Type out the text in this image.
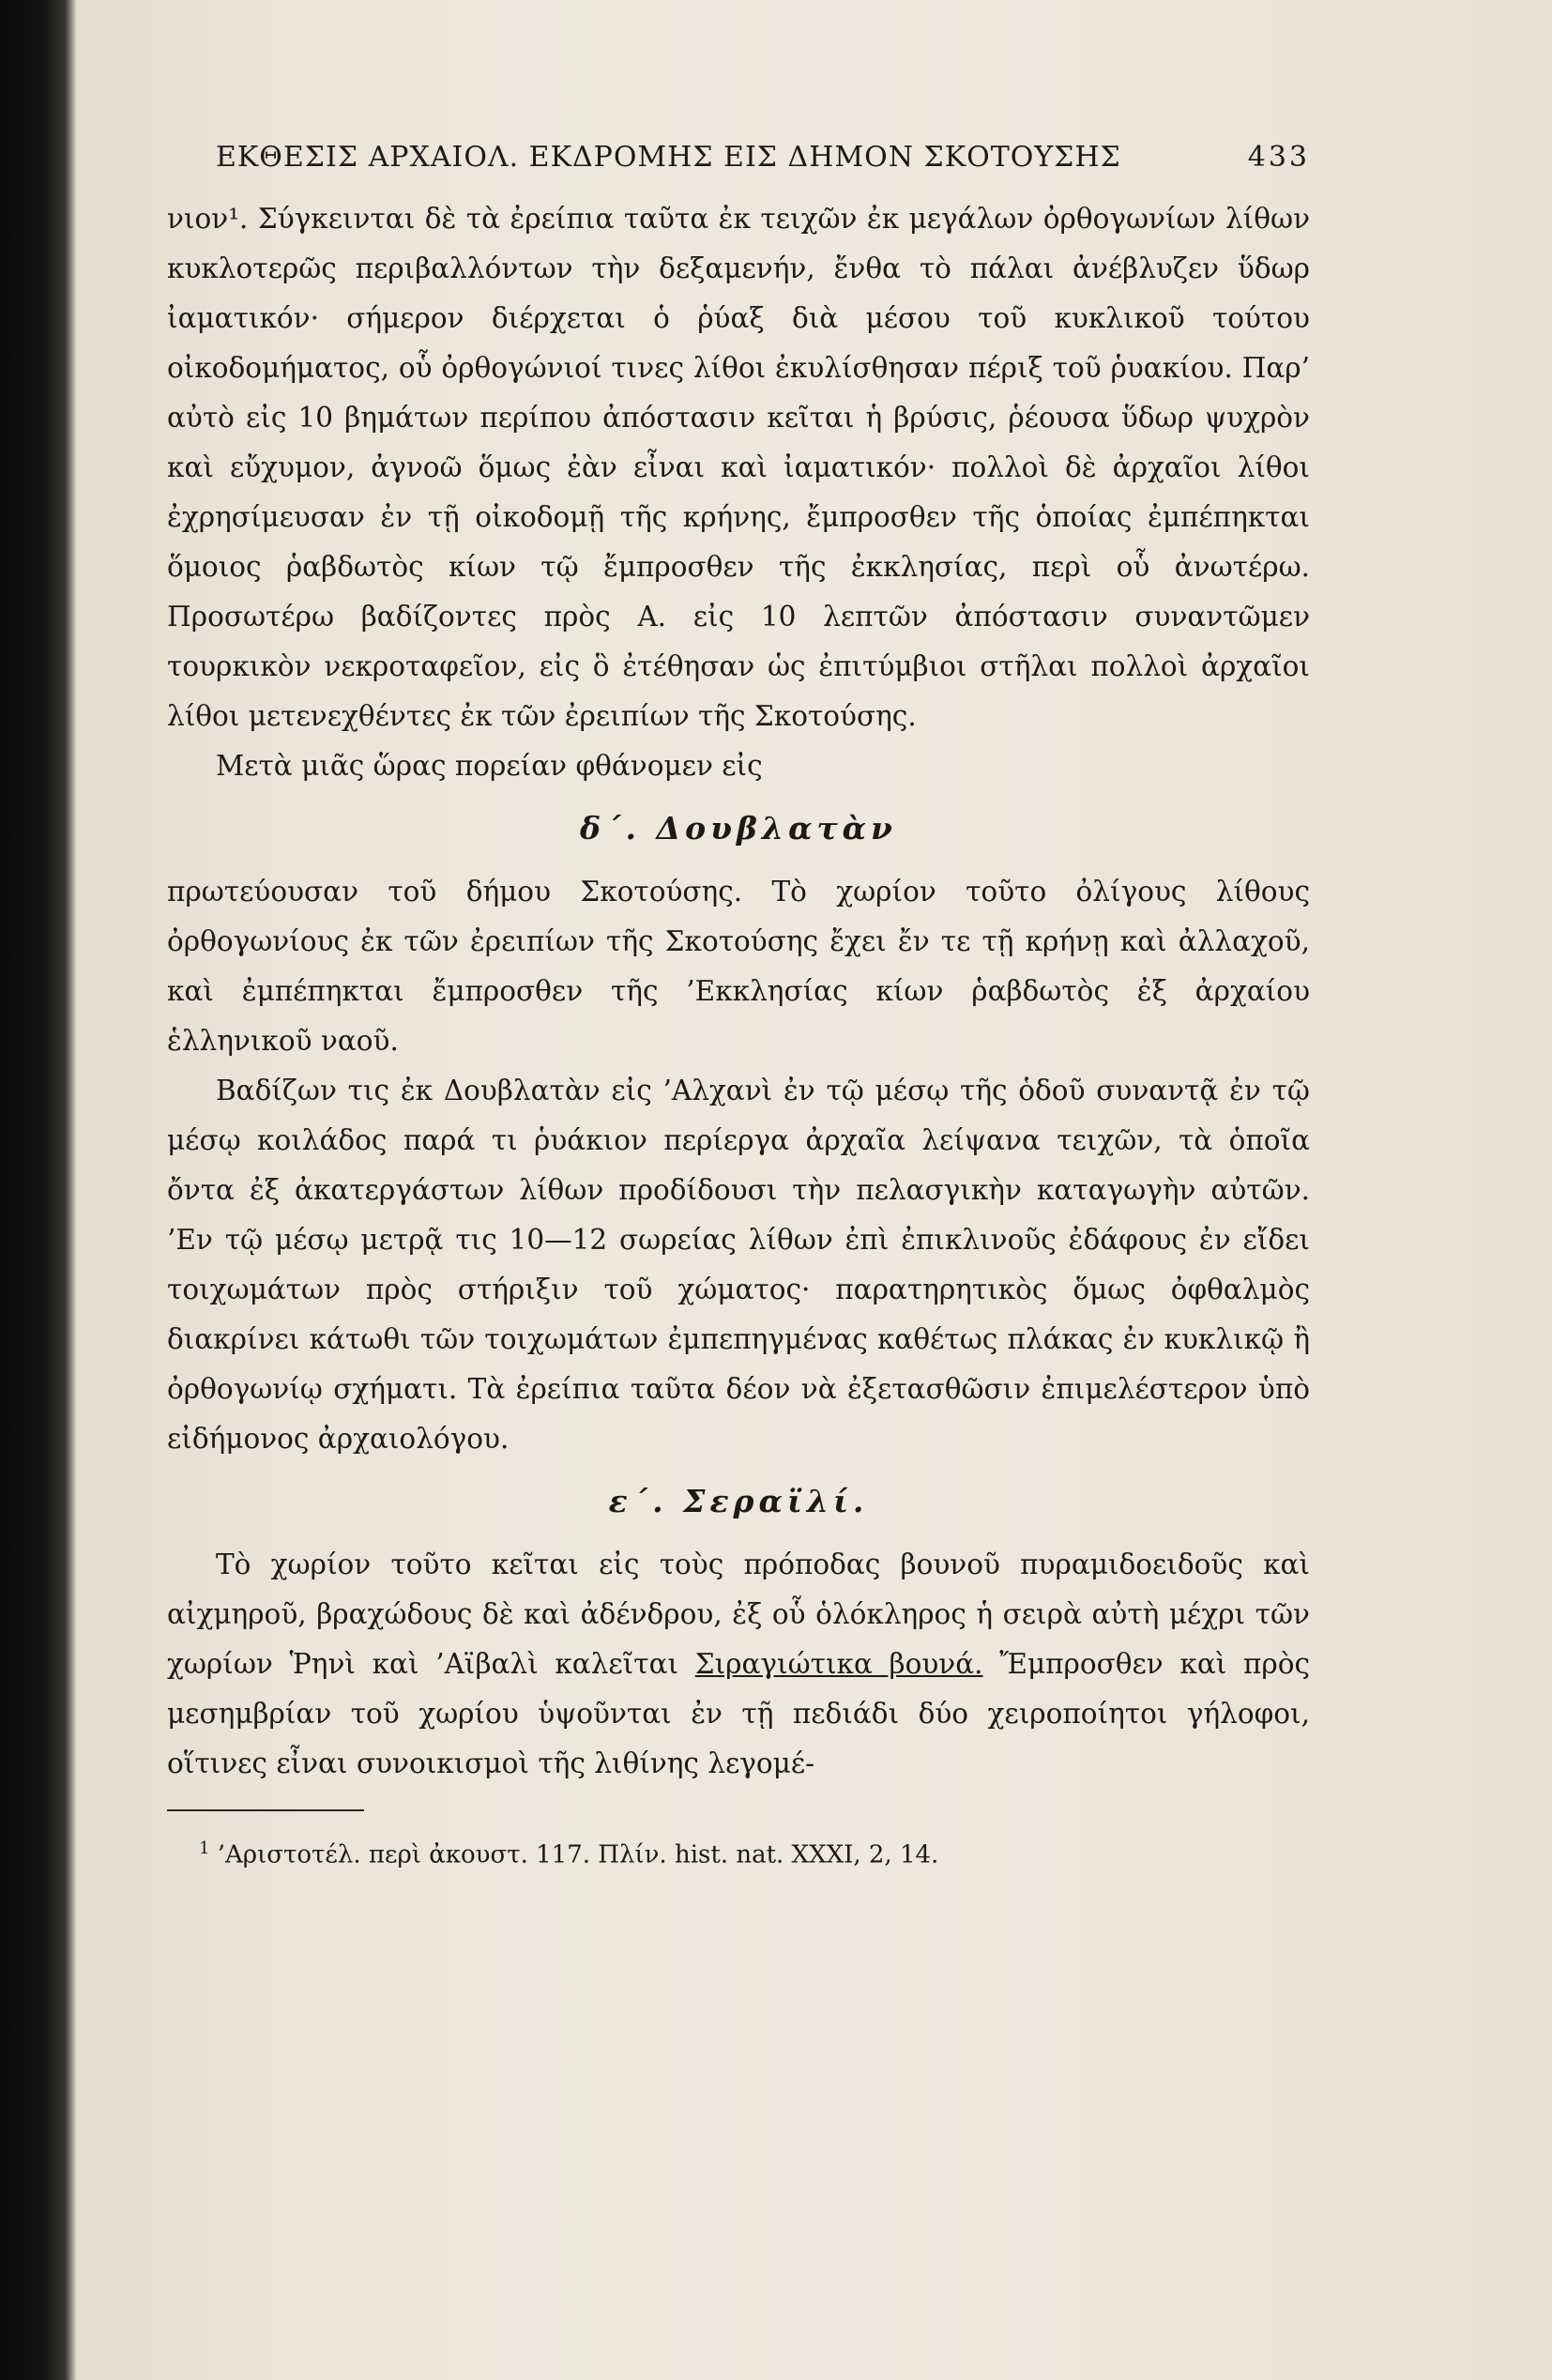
ΕΚΘΕΣΙΣ ΑΡΧΑΙΟΛ. ΕΚΔΡΟΜΗΣ ΕΙΣ ΔΗΜΟΝ ΣΚΟΤΟΥΣΗΣ	433

νιον¹. Σύγκεινται δὲ τὰ ἐρείπια ταῦτα ἐκ τειχῶν ἐκ μεγάλων ὀρθογωνίων λίθων κυκλοτερῶς περιβαλλόντων τὴν δεξαμενήν, ἔνθα τὸ πάλαι ἀνέβλυζεν ὕδωρ ἰαματικόν· σήμερον διέρχεται ὁ ῥύαξ διὰ μέσου τοῦ κυκλικοῦ τούτου οἰκοδομήματος, οὗ ὀρθογώνιοί τινες λίθοι ἐκυλίσθησαν πέριξ τοῦ ῥυακίου. Παρ’ αὐτὸ εἰς 10 βημάτων περίπου ἀπόστασιν κεῖται ἡ βρύσις, ῥέουσα ὕδωρ ψυχρὸν καὶ εὔχυμον, ἀγνοῶ ὅμως ἐὰν εἶναι καὶ ἰαματικόν· πολλοὶ δὲ ἀρχαῖοι λίθοι ἐχρησίμευσαν ἐν τῇ οἰκοδομῇ τῆς κρήνης, ἔμπροσθεν τῆς ὁποίας ἐμπέπηκται ὅμοιος ῥαβδωτὸς κίων τῷ ἔμπροσθεν τῆς ἐκκλησίας, περὶ οὗ ἀνωτέρω. Προσωτέρω βαδίζοντες πρὸς Α. εἰς 10 λεπτῶν ἀπόστασιν συναντῶμεν τουρκικὸν νεκροταφεῖον, εἰς ὃ ἐτέθησαν ὡς ἐπιτύμβιοι στῆλαι πολλοὶ ἀρχαῖοι λίθοι μετενεχθέντες ἐκ τῶν ἐρειπίων τῆς Σκοτούσης.

Μετὰ μιᾶς ὥρας πορείαν φθάνομεν εἰς

δ΄. Δουβλατὰν

πρωτεύουσαν τοῦ δήμου Σκοτούσης. Τὸ χωρίον τοῦτο ὀλίγους λίθους ὀρθογωνίους ἐκ τῶν ἐρειπίων τῆς Σκοτούσης ἔχει ἔν τε τῇ κρήνῃ καὶ ἀλλαχοῦ, καὶ ἐμπέπηκται ἔμπροσθεν τῆς ’Εκκλησίας κίων ῥαβδωτὸς ἐξ ἀρχαίου ἑλληνικοῦ ναοῦ.

Βαδίζων τις ἐκ Δουβλατὰν εἰς ’Αλχανὶ ἐν τῷ μέσῳ τῆς ὁδοῦ συναντᾷ ἐν τῷ μέσῳ κοιλάδος παρά τι ῥυάκιον περίεργα ἀρχαῖα λείψανα τειχῶν, τὰ ὁποῖα ὄντα ἐξ ἀκατεργάστων λίθων προδίδουσι τὴν πελασγικὴν καταγωγὴν αὐτῶν. ’Εν τῷ μέσῳ μετρᾷ τις 10—12 σωρείας λίθων ἐπὶ ἐπικλινοῦς ἐδάφους ἐν εἴδει τοιχωμάτων πρὸς στήριξιν τοῦ χώματος· παρατηρητικὸς ὅμως ὀφθαλμὸς διακρίνει κάτωθι τῶν τοιχωμάτων ἐμπεπηγμένας καθέτως πλάκας ἐν κυκλικῷ ἢ ὀρθογωνίῳ σχήματι. Τὰ ἐρείπια ταῦτα δέον νὰ ἐξετασθῶσιν ἐπιμελέστερον ὑπὸ εἰδήμονος ἀρχαιολόγου.

ε΄. Σεραϊλί.

Τὸ χωρίον τοῦτο κεῖται εἰς τοὺς πρόποδας βουνοῦ πυραμιδοειδοῦς καὶ αἰχμηροῦ, βραχώδους δὲ καὶ ἀδένδρου, ἐξ οὗ ὁλόκληρος ἡ σειρὰ αὐτὴ μέχρι τῶν χωρίων Ῥηνὶ καὶ ’Αϊβαλὶ καλεῖται Σιραγιώτικα βουνά. Ἔμπροσθεν καὶ πρὸς μεσημβρίαν τοῦ χωρίου ὑψοῦνται ἐν τῇ πεδιάδι δύο χειροποίητοι γήλοφοι, οἵτινες εἶναι συνοικισμοὶ τῆς λιθίνης λεγομέ-

$^1$ ’Αριστοτέλ. περὶ ἀκουστ. 117. Πλίν. hist. nat. XXXI, 2, 14.
